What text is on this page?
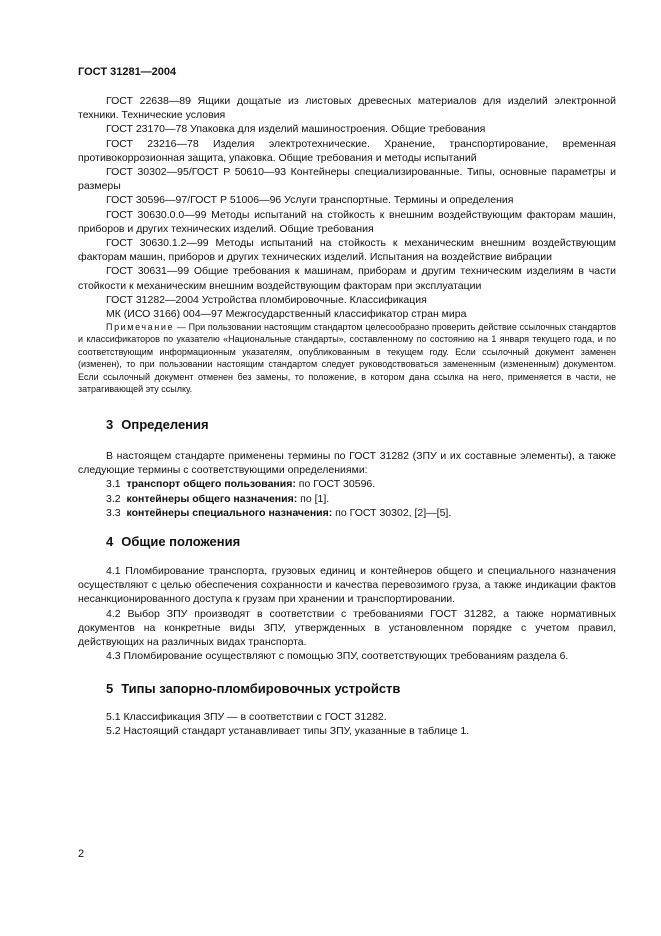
ГОСТ 31281—2004

ГОСТ 22638—89 Ящики дощатые из листовых древесных материалов для изделий электронной техники. Технические условия

ГОСТ 23170—78 Упаковка для изделий машиностроения. Общие требования

ГОСТ 23216—78 Изделия электротехнические. Хранение, транспортирование, временная противокоррозионная защита, упаковка. Общие требования и методы испытаний

ГОСТ 30302—95/ГОСТ Р 50610—93 Контейнеры специализированные. Типы, основные параметры и размеры

ГОСТ 30596—97/ГОСТ Р 51006—96 Услуги транспортные. Термины и определения

ГОСТ 30630.0.0—99 Методы испытаний на стойкость к внешним воздействующим факторам машин, приборов и других технических изделий. Общие требования

ГОСТ 30630.1.2—99 Методы испытаний на стойкость к механическим внешним воздействующим факторам машин, приборов и других технических изделий. Испытания на воздействие вибрации

ГОСТ 30631—99 Общие требования к машинам, приборам и другим техническим изделиям в части стойкости к механическим внешним воздействующим факторам при эксплуатации

ГОСТ 31282—2004 Устройства пломбировочные. Классификация

МК (ИСО 3166) 004—97 Межгосударственный классификатор стран мира

Примечание — При пользовании настоящим стандартом целесообразно проверить действие ссылочных стандартов и классификаторов по указателю «Национальные стандарты», составленному по состоянию на 1 января текущего года, и по соответствующим информационным указателям, опубликованным в текущем году. Если ссылочный документ заменен (изменен), то при пользовании настоящим стандартом следует руководствоваться замененным (измененным) документом. Если ссылочный документ отменен без замены, то положение, в котором дана ссылка на него, применяется в части, не затрагивающей эту ссылку.

3 Определения

В настоящем стандарте применены термины по ГОСТ 31282 (ЗПУ и их составные элементы), а также следующие термины с соответствующими определениями:

3.1 транспорт общего пользования: по ГОСТ 30596.

3.2 контейнеры общего назначения: по [1].

3.3 контейнеры специального назначения: по ГОСТ 30302, [2]—[5].

4 Общие положения

4.1 Пломбирование транспорта, грузовых единиц и контейнеров общего и специального назначения осуществляют с целью обеспечения сохранности и качества перевозимого груза, а также индикации фактов несанкционированного доступа к грузам при хранении и транспортировании.

4.2 Выбор ЗПУ производят в соответствии с требованиями ГОСТ 31282, а также нормативных документов на конкретные виды ЗПУ, утвержденных в установленном порядке с учетом правил, действующих на различных видах транспорта.

4.3 Пломбирование осуществляют с помощью ЗПУ, соответствующих требованиям раздела 6.

5 Типы запорно-пломбировочных устройств

5.1 Классификация ЗПУ — в соответствии с ГОСТ 31282.

5.2 Настоящий стандарт устанавливает типы ЗПУ, указанные в таблице 1.

2
